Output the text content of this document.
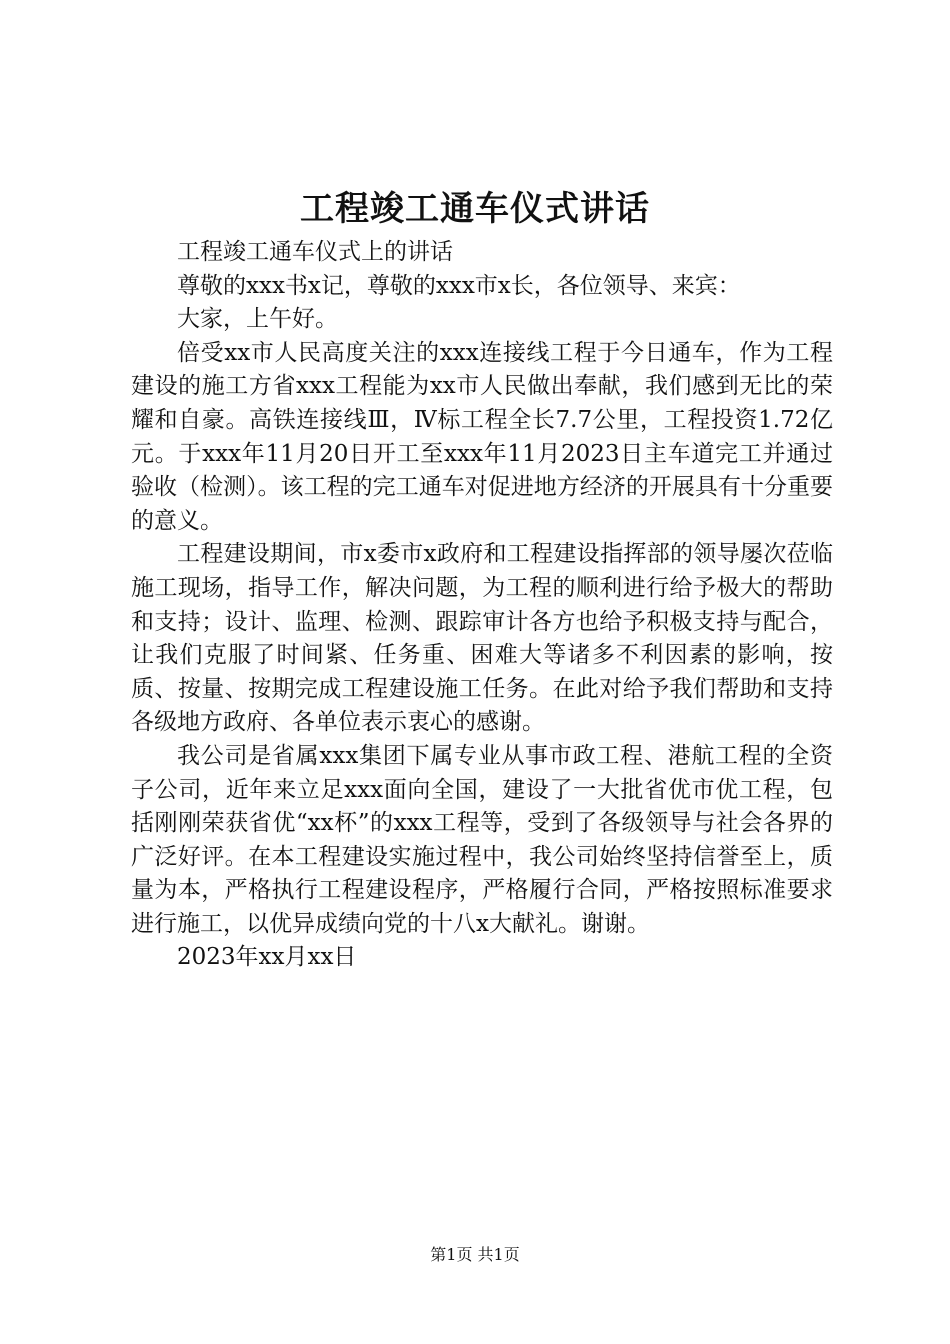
工程竣工通车仪式讲话

工程竣工通车仪式上的讲话

尊敬的xxx书x记，尊敬的xxx市x长，各位领导、来宾：

大家，上午好。

倍受xx市人民高度关注的xxx连接线工程于今日通车，作为工程建设的施工方省xxx工程能为xx市人民做出奉献，我们感到无比的荣耀和自豪。高铁连接线Ⅲ，Ⅳ标工程全长7.7公里，工程投资1.72亿元。于xxx年11月20日开工至xxx年11月2023日主车道完工并通过验收（检测）。该工程的完工通车对促进地方经济的开展具有十分重要的意义。

工程建设期间，市x委市x政府和工程建设指挥部的领导屡次莅临施工现场，指导工作，解决问题，为工程的顺利进行给予极大的帮助和支持；设计、监理、检测、跟踪审计各方也给予积极支持与配合，让我们克服了时间紧、任务重、困难大等诸多不利因素的影响，按质、按量、按期完成工程建设施工任务。在此对给予我们帮助和支持各级地方政府、各单位表示衷心的感谢。

我公司是省属xxx集团下属专业从事市政工程、港航工程的全资子公司，近年来立足xxx面向全国，建设了一大批省优市优工程，包括刚刚荣获省优“xx杯”的xxx工程等，受到了各级领导与社会各界的广泛好评。在本工程建设实施过程中，我公司始终坚持信誉至上，质量为本，严格执行工程建设程序，严格履行合同，严格按照标准要求进行施工，以优异成绩向党的十八x大献礼。谢谢。

2023年xx月xx日

第1页 共1页
